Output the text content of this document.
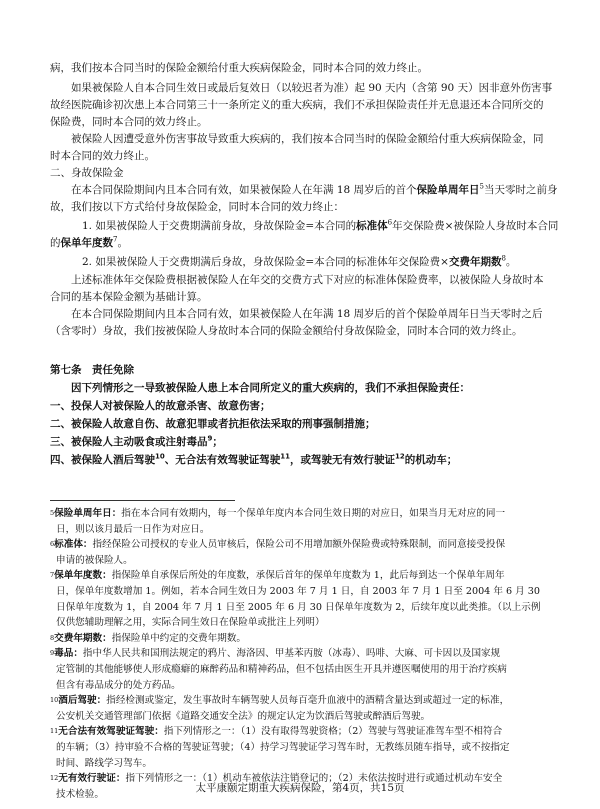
病，我们按本合同当时的保险金额给付重大疾病保险金，同时本合同的效力终止。
如果被保险人自本合同生效日或最后复效日（以较迟者为准）起 90 天内（含第 90 天）因非意外伤害事
故经医院确诊初次患上本合同第三十一条所定义的重大疾病，我们不承担保险责任并无息退还本合同所交的
保险费，同时本合同的效力终止。
被保险人因遭受意外伤害事故导致重大疾病的，我们按本合同当时的保险金额给付重大疾病保险金，同
时本合同的效力终止。
二、身故保险金
在本合同保险期间内且本合同有效，如果被保险人在年满 18 周岁后的首个保险单周年日$^5$当天零时之前身
故，我们按以下方式给付身故保险金，同时本合同的效力终止：
1. 如果被保险人于交费期满前身故，身故保险金=本合同的标准体$^6$年交保险费×被保险人身故时本合同
的保单年度数$^7$。
2. 如果被保险人于交费期满后身故，身故保险金=本合同的标准体年交保险费×交费年期数$^8$。
上述标准体年交保险费根据被保险人在年交的交费方式下对应的标准体保险费率，以被保险人身故时本
合同的基本保险金额为基础计算。
在本合同保险期间内且本合同有效，如果被保险人在年满 18 周岁后的首个保险单周年日当天零时之后
（含零时）身故，我们按被保险人身故时本合同的保险金额给付身故保险金，同时本合同的效力终止。
第七条　责任免除
因下列情形之一导致被保险人患上本合同所定义的重大疾病的，我们不承担保险责任：
一、投保人对被保险人的故意杀害、故意伤害；
二、被保险人故意自伤、故意犯罪或者抗拒依法采取的刑事强制措施；
三、被保险人主动吸食或注射毒品$^9$；
四、被保险人酒后驾驶$^{10}$、无合法有效驾驶证驾驶$^{11}$，或驾驶无有效行驶证$^{12}$的机动车；
$^5$保险单周年日：指在本合同有效期内，每一个保单年度内本合同生效日期的对应日，如果当月无对应的同一
日，则以该月最后一日作为对应日。
$^6$标准体：指经保险公司授权的专业人员审核后，保险公司不用增加额外保险费或特殊限制，而同意接受投保
申请的被保险人。
$^7$保单年度数：指保险单自承保后所处的年度数，承保后首年的保单年度数为 1，此后每到达一个保单年周年
日，保单年度数增加 1。例如，若本合同生效日为 2003 年 7 月 1 日，自 2003 年 7 月 1 日至 2004 年 6 月 30
日保单年度数为 1，自 2004 年 7 月 1 日至 2005 年 6 月 30 日保单年度数为 2，后续年度以此类推。（以上示例
仅供您辅助理解之用，实际合同生效日在保险单或批注上列明）
$^8$交费年期数：指保险单中约定的交费年期数。
$^9$毒品：指中华人民共和国刑法规定的鸦片、海洛因、甲基苯丙胺（冰毒）、吗啡、大麻、可卡因以及国家规
定管制的其他能够使人形成瘾癖的麻醉药品和精神药品，但不包括由医生开具并遵医嘱使用的用于治疗疾病
但含有毒品成分的处方药品。
$^{10}$酒后驾驶：指经检测或鉴定，发生事故时车辆驾驶人员每百毫升血液中的酒精含量达到或超过一定的标准，
公安机关交通管理部门依据《道路交通安全法》的规定认定为饮酒后驾驶或醉酒后驾驶。
$^{11}$无合法有效驾驶证驾驶：指下列情形之一：（1）没有取得驾驶资格；（2）驾驶与驾驶证准驾车型不相符合
的车辆；（3）持审验不合格的驾驶证驾驶；（4）持学习驾驶证学习驾车时，无教练员随车指导，或不按指定
时间、路线学习驾车。
$^{12}$无有效行驶证：指下列情形之一：（1）机动车被依法注销登记的；（2）未依法按时进行或通过机动车安全
技术检验。
太平康颐定期重大疾病保险，第4页，共15页
